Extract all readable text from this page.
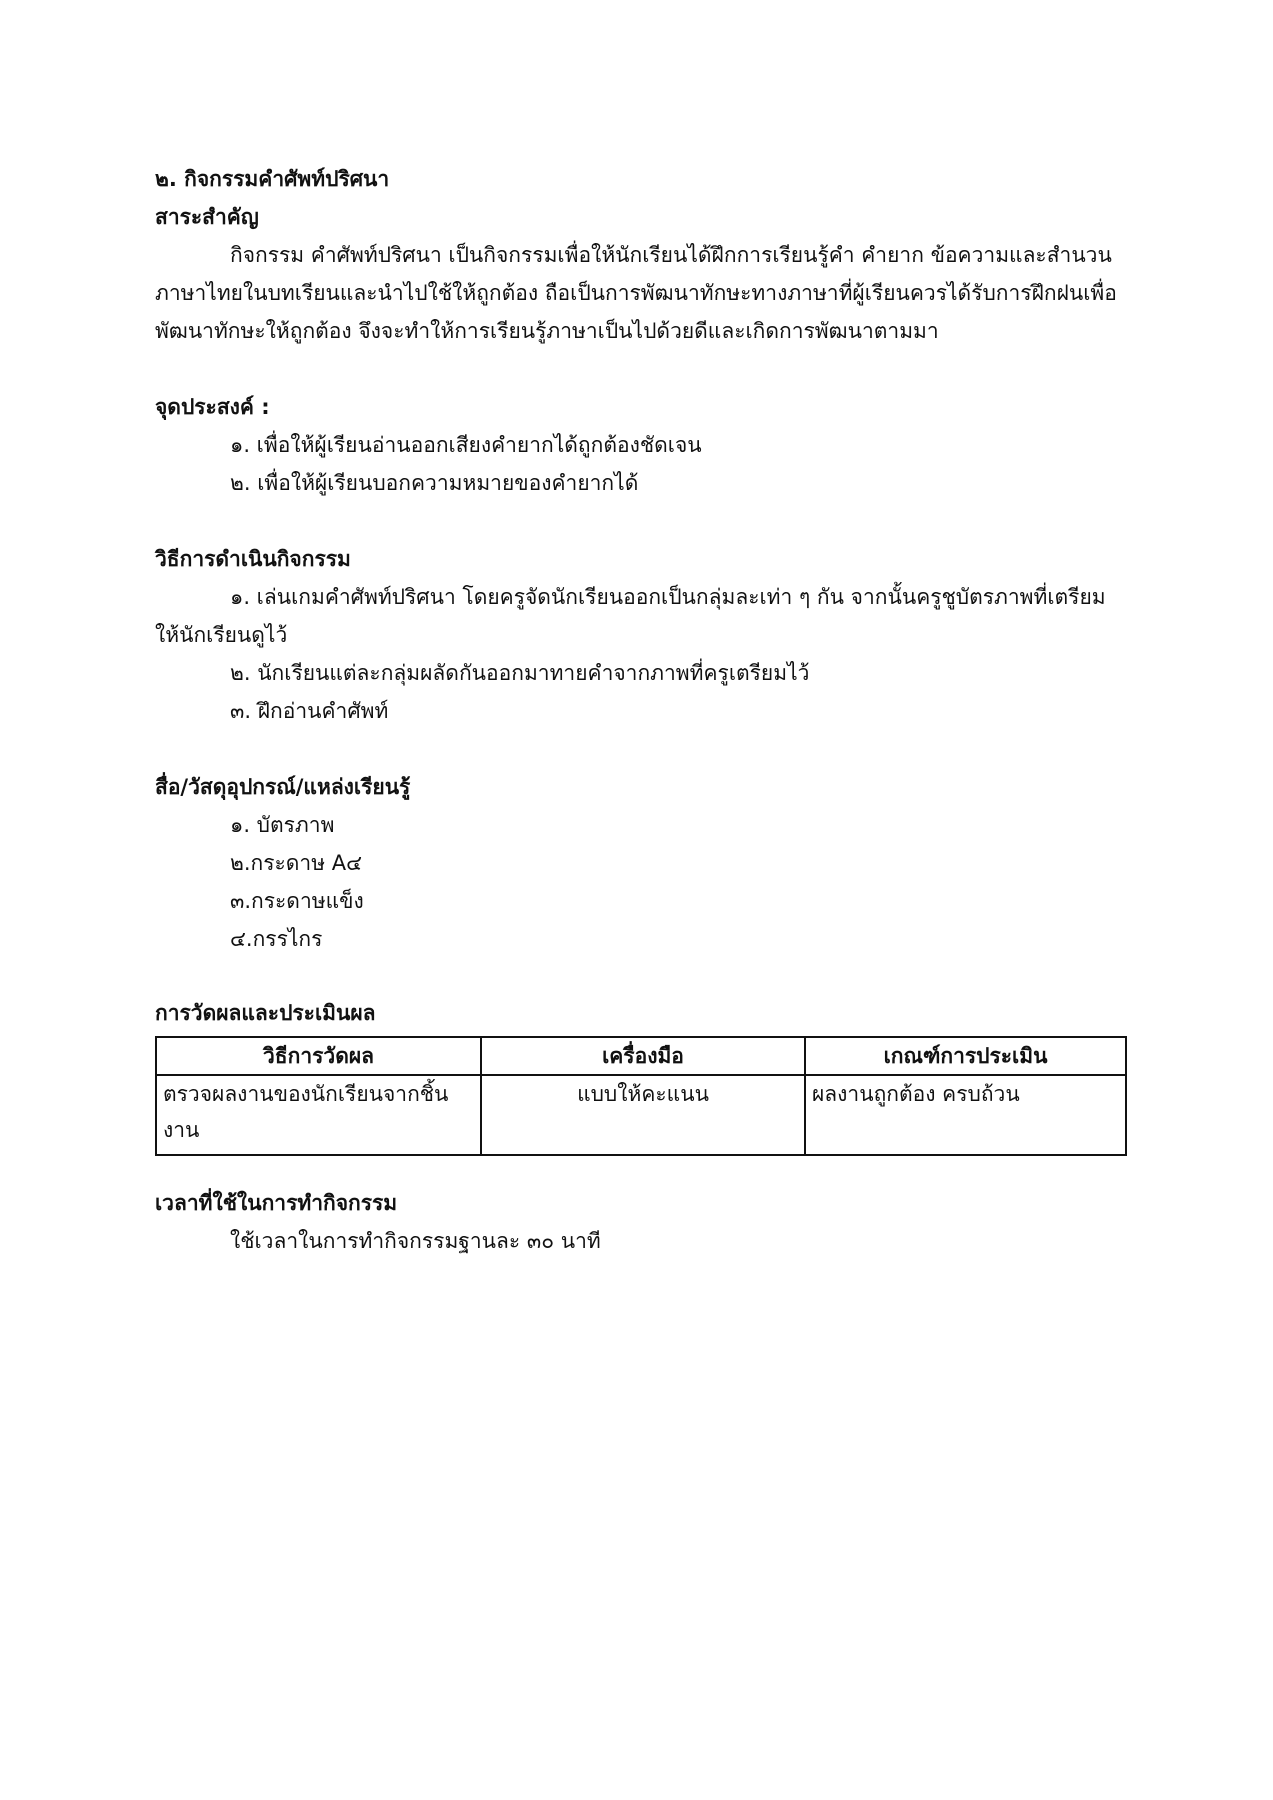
๒. กิจกรรมคำศัพท์ปริศนา

สาระสำคัญ

กิจกรรม คำศัพท์ปริศนา เป็นกิจกรรมเพื่อให้นักเรียนได้ฝึกการเรียนรู้คำ คำยาก ข้อความและสำนวนภาษาไทยในบทเรียนและนำไปใช้ให้ถูกต้อง ถือเป็นการพัฒนาทักษะทางภาษาที่ผู้เรียนควรได้รับการฝึกฝนเพื่อพัฒนาทักษะให้ถูกต้อง จึงจะทำให้การเรียนรู้ภาษาเป็นไปด้วยดีและเกิดการพัฒนาตามมา

จุดประสงค์ :

๑. เพื่อให้ผู้เรียนอ่านออกเสียงคำยากได้ถูกต้องชัดเจน

๒. เพื่อให้ผู้เรียนบอกความหมายของคำยากได้

วิธีการดำเนินกิจกรรม

๑. เล่นเกมคำศัพท์ปริศนา โดยครูจัดนักเรียนออกเป็นกลุ่มละเท่า ๆ กัน จากนั้นครูชูบัตรภาพที่เตรียมให้นักเรียนดูไว้

๒. นักเรียนแต่ละกลุ่มผลัดกันออกมาทายคำจากภาพที่ครูเตรียมไว้

๓. ฝึกอ่านคำศัพท์

สื่อ/วัสดุอุปกรณ์/แหล่งเรียนรู้

๑. บัตรภาพ

๒.กระดาษ A๔

๓.กระดาษแข็ง

๔.กรรไกร

การวัดผลและประเมินผล

วิธีการวัดผล	เครื่องมือ	เกณฑ์การประเมิน
ตรวจผลงานของนักเรียนจากชิ้นงาน	แบบให้คะแนน	ผลงานถูกต้อง ครบถ้วน

เวลาที่ใช้ในการทำกิจกรรม

ใช้เวลาในการทำกิจกรรมฐานละ ๓๐ นาที
